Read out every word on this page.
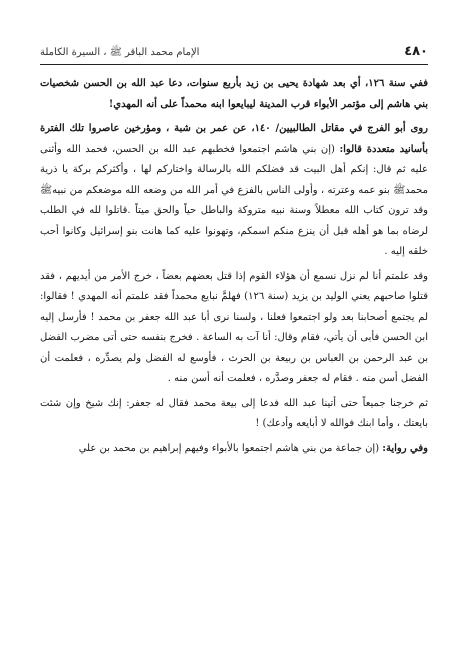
٤٨٠
الإمام محمد الباقر ﷺ ، السيرة الكاملة

ففي سنة ١٢٦، أي بعد شهادة يحيى بن زيد بأربع سنوات، دعا عبد الله بن الحسن شخصيات بني هاشم إلى مؤتمر الأبواء قرب المدينة ليبايعوا ابنه محمداً على أنه المهدي!

روى أبو الفرج في مقاتل الطالبيين/ ١٤٠، عن عمر بن شبة ، ومؤرخين عاصروا تلك الفترة بأسانيد متعددة قالوا: (إن بني هاشم اجتمعوا فخطبهم عبد الله بن الحسن، فحمد الله وأثنى عليه ثم قال: إنكم أهل البيت قد فضلكم الله بالرسالة واختاركم لها ، وأكثركم بركة يا ذرية محمدﷺ بنو عمه وعترته ، وأولى الناس بالفزع في أمر الله من وضعه الله موضعكم من نبيهﷺ وقد ترون كتاب الله معطلاً وسنة نبيه متروكة والباطل حياً والحق ميتاً .قاتلوا لله في الطلب لرضاه بما هو أهله قبل أن ينزع منكم اسمكم، وتهونوا عليه كما هانت بنو إسرائيل وكانوا أحب خلقه إليه .

وقد علمتم أنا لم نزل نسمع أن هؤلاء القوم إذا قتل بعضهم بعضاً ، خرج الأمر من أيديهم ، فقد قتلوا صاحبهم يعني الوليد بن يزيد (سنة ١٢٦) فهلمَّ نبايع محمداً فقد علمتم أنه المهدي ! فقالوا: لم يجتمع أصحابنا بعد ولو اجتمعوا فعلنا ، ولسنا نرى أبا عبد الله جعفر بن محمد ! فأرسل إليه ابن الحسن فأبى أن يأتي، فقام وقال: أنا آت به الساعة . فخرج بنفسه حتى أتى مضرب الفضل بن عبد الرحمن بن العباس بن ربيعة بن الحرث ، فأوسع له الفضل ولم يصدِّره ، فعلمت أن الفضل أسن منه . فقام له جعفر وصدَّره ، فعلمت أنه أسن منه .

ثم خرجنا جميعاً حتى أتينا عبد الله فدعا إلى بيعة محمد فقال له جعفر: إنك شيخ وإن شئت بايعتك ، وأما ابنك فوالله لا أبايعه وأدعك) !

وفي رواية: (إن جماعة من بني هاشم اجتمعوا بالأبواء وفيهم إبراهيم بن محمد بن علي
